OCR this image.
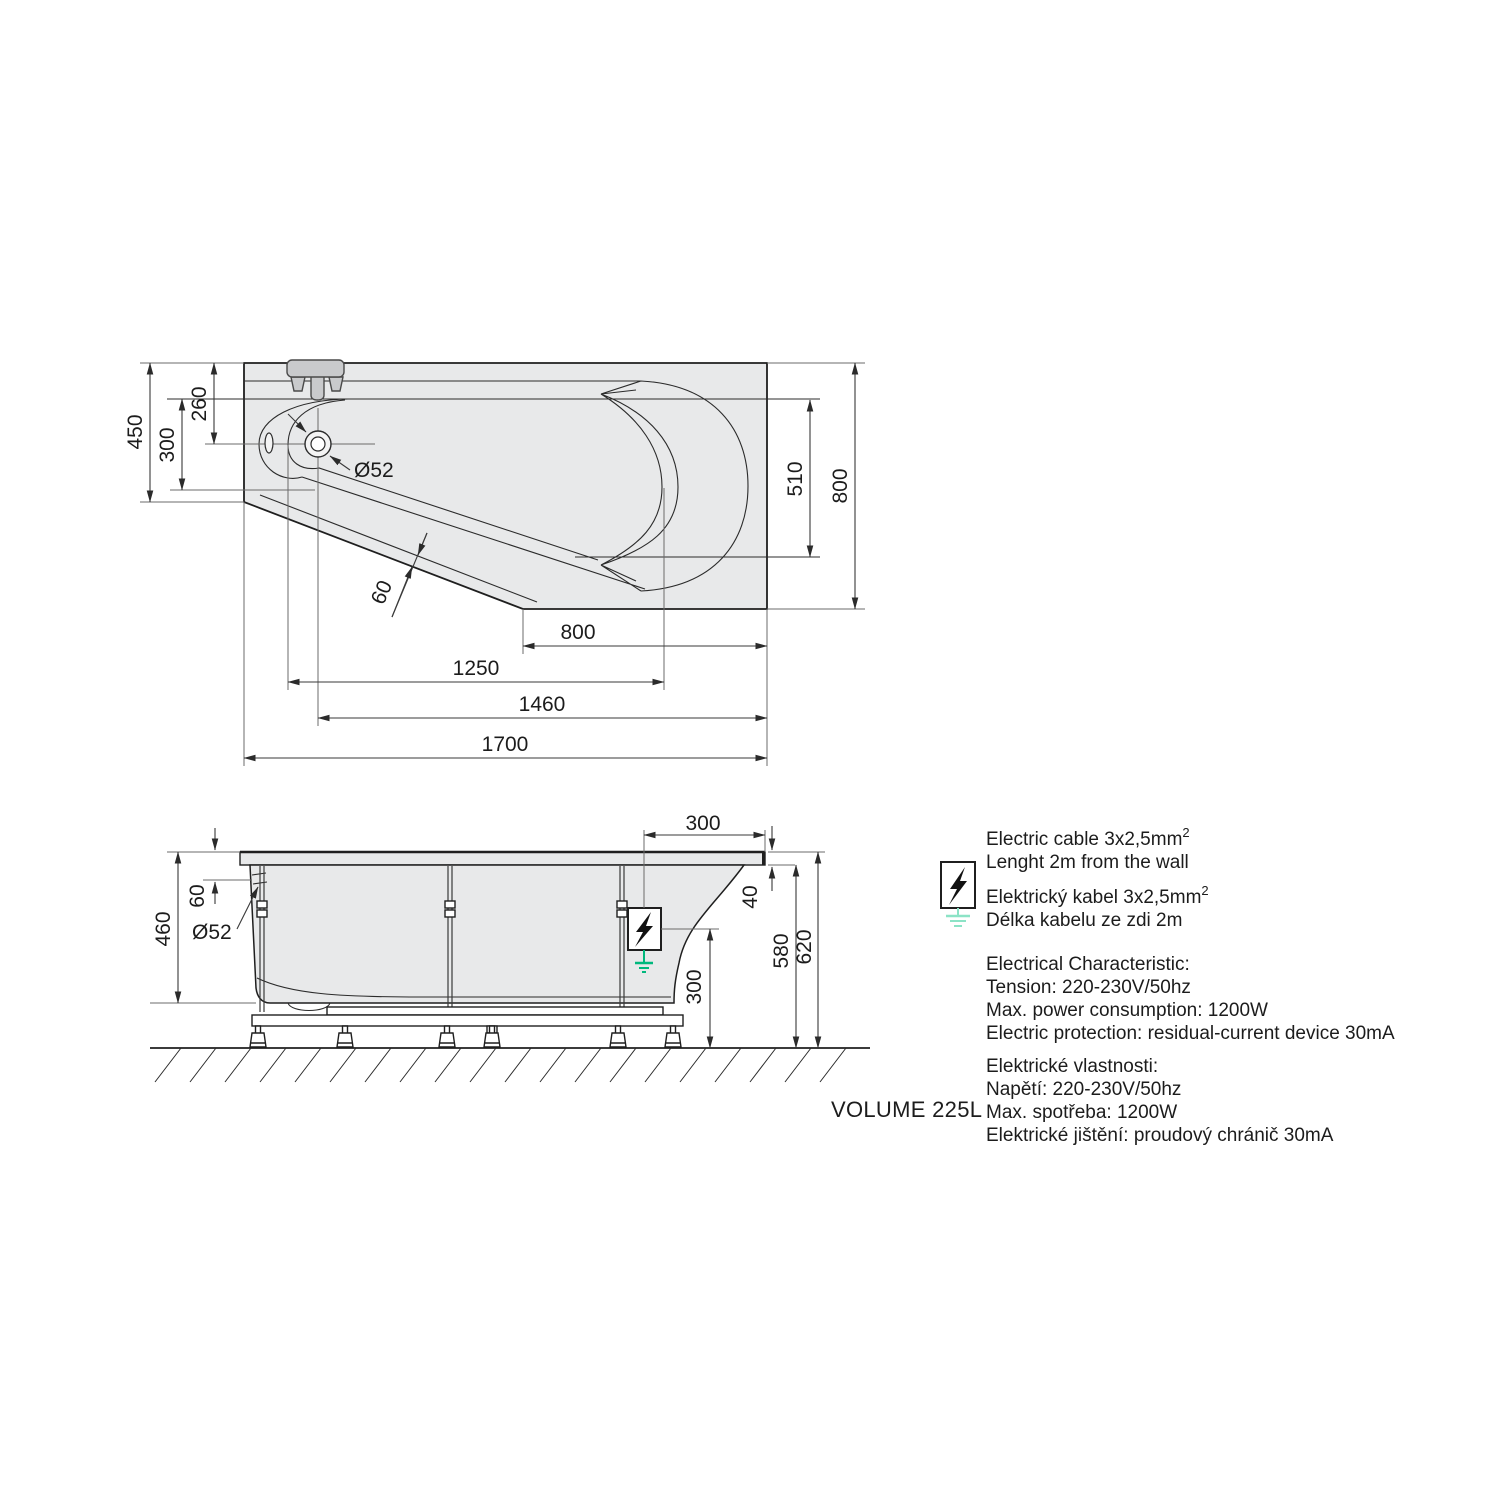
450 300
260
Ø52
60
510 800
800
1250
1460
1700
460
60
Ø52
300
40
580 620
300
VOLUME 225L
Electric cable $3x2,5mm^2$
Lenght 2m from the wall
Elektrický kabel $3x2,5mm^2$
Délka kabelu ze zdi 2m
Electrical Characteristic:
Tension: 220-230V/50hz
Max. power consumption: 1200W
Electric protection: residual-current device 30mA
Elektrické vlastnosti:
Napětí: 220-230V/50hz
Max. spotřeba: 1200W
Elektrické jištění: proudový chránič 30mA
